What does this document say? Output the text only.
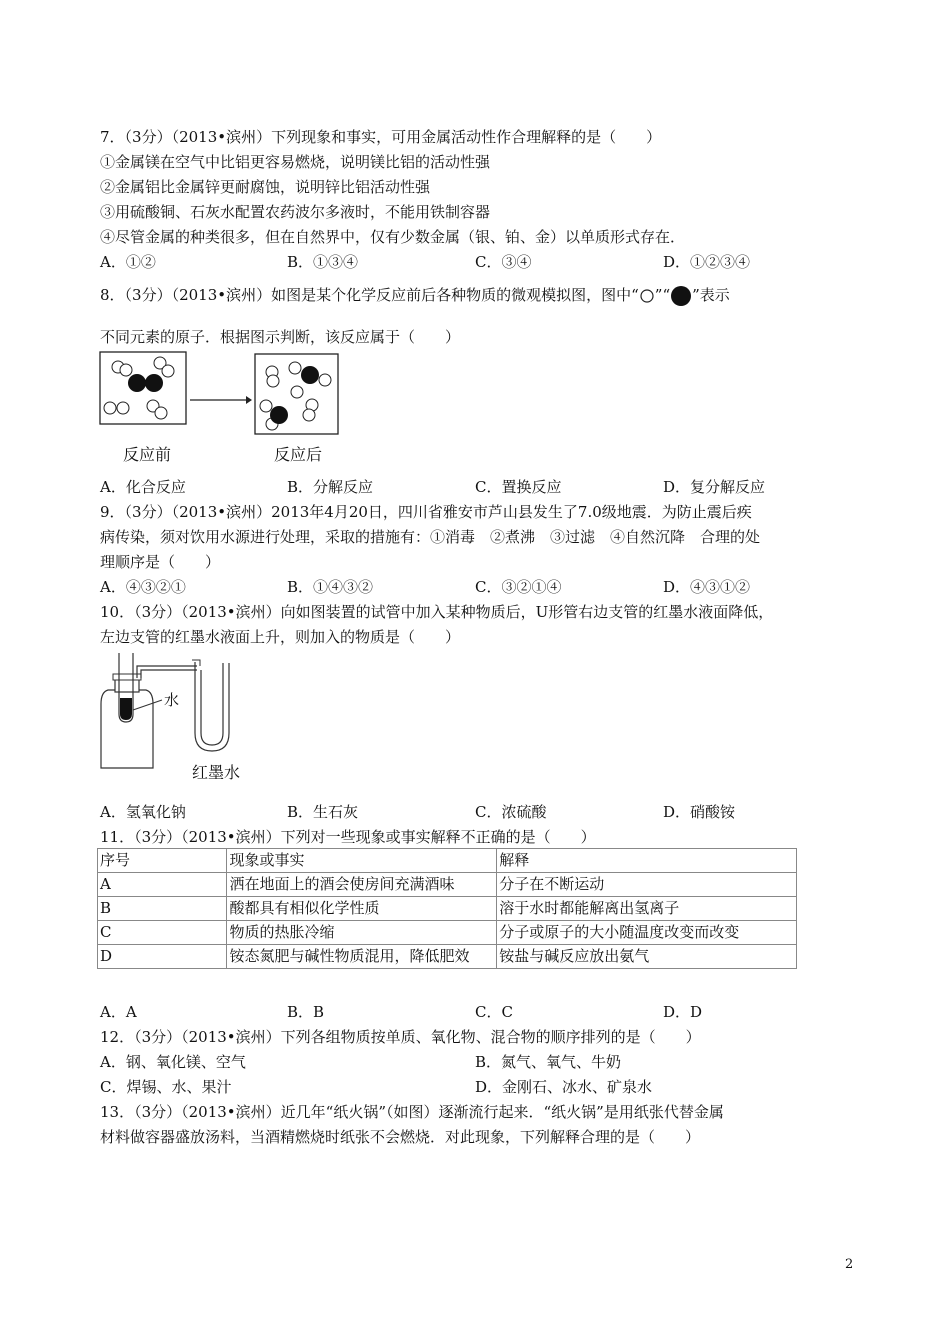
7．（3分）（2013•滨州）下列现象和事实，可用金属活动性作合理解释的是（　　）
①金属镁在空气中比铝更容易燃烧，说明镁比铝的活动性强
②金属铝比金属锌更耐腐蚀，说明锌比铝活动性强
③用硫酸铜、石灰水配置农药波尔多液时，不能用铁制容器
④尽管金属的种类很多，但在自然界中，仅有少数金属（银、铂、金）以单质形式存在．
A．①②	B．①③④	C．③④	D．①②③④
8．（3分）（2013•滨州）如图是某个化学反应前后各种物质的微观模拟图，图中“ ”“ ”表示
不同元素的原子．根据图示判断，该反应属于（　　）
反应前	反应后
A．化合反应	B．分解反应	C．置换反应	D．复分解反应
9．（3分）（2013•滨州）2013年4月20日，四川省雅安市芦山县发生了7.0级地震．为防止震后疾
病传染，须对饮用水源进行处理，采取的措施有：①消毒　②煮沸　③过滤　④自然沉降　合理的处
理顺序是（　　）
A．④③②①	B．①④③②	C．③②①④	D．④③①②
10．（3分）（2013•滨州）向如图装置的试管中加入某种物质后，U形管右边支管的红墨水液面降低，
左边支管的红墨水液面上升，则加入的物质是（　　）
水
红墨水
A．氢氧化钠	B．生石灰	C．浓硫酸	D．硝酸铵
11．（3分）（2013•滨州）下列对一些现象或事实解释不正确的是（　　）
序号	现象或事实	解释
A	洒在地面上的酒会使房间充满酒味	分子在不断运动
B	酸都具有相似化学性质	溶于水时都能解离出氢离子
C	物质的热胀冷缩	分子或原子的大小随温度改变而改变
D	铵态氮肥与碱性物质混用，降低肥效	铵盐与碱反应放出氨气
A．A	B．B	C．C	D．D
12．（3分）（2013•滨州）下列各组物质按单质、氧化物、混合物的顺序排列的是（　　）
A．钢、氧化镁、空气	B．氮气、氧气、牛奶
C．焊锡、水、果汁	D．金刚石、冰水、矿泉水
13．（3分）（2013•滨州）近几年“纸火锅”（如图）逐渐流行起来．“纸火锅”是用纸张代替金属
材料做容器盛放汤料，当酒精燃烧时纸张不会燃烧．对此现象，下列解释合理的是（　　）
2
